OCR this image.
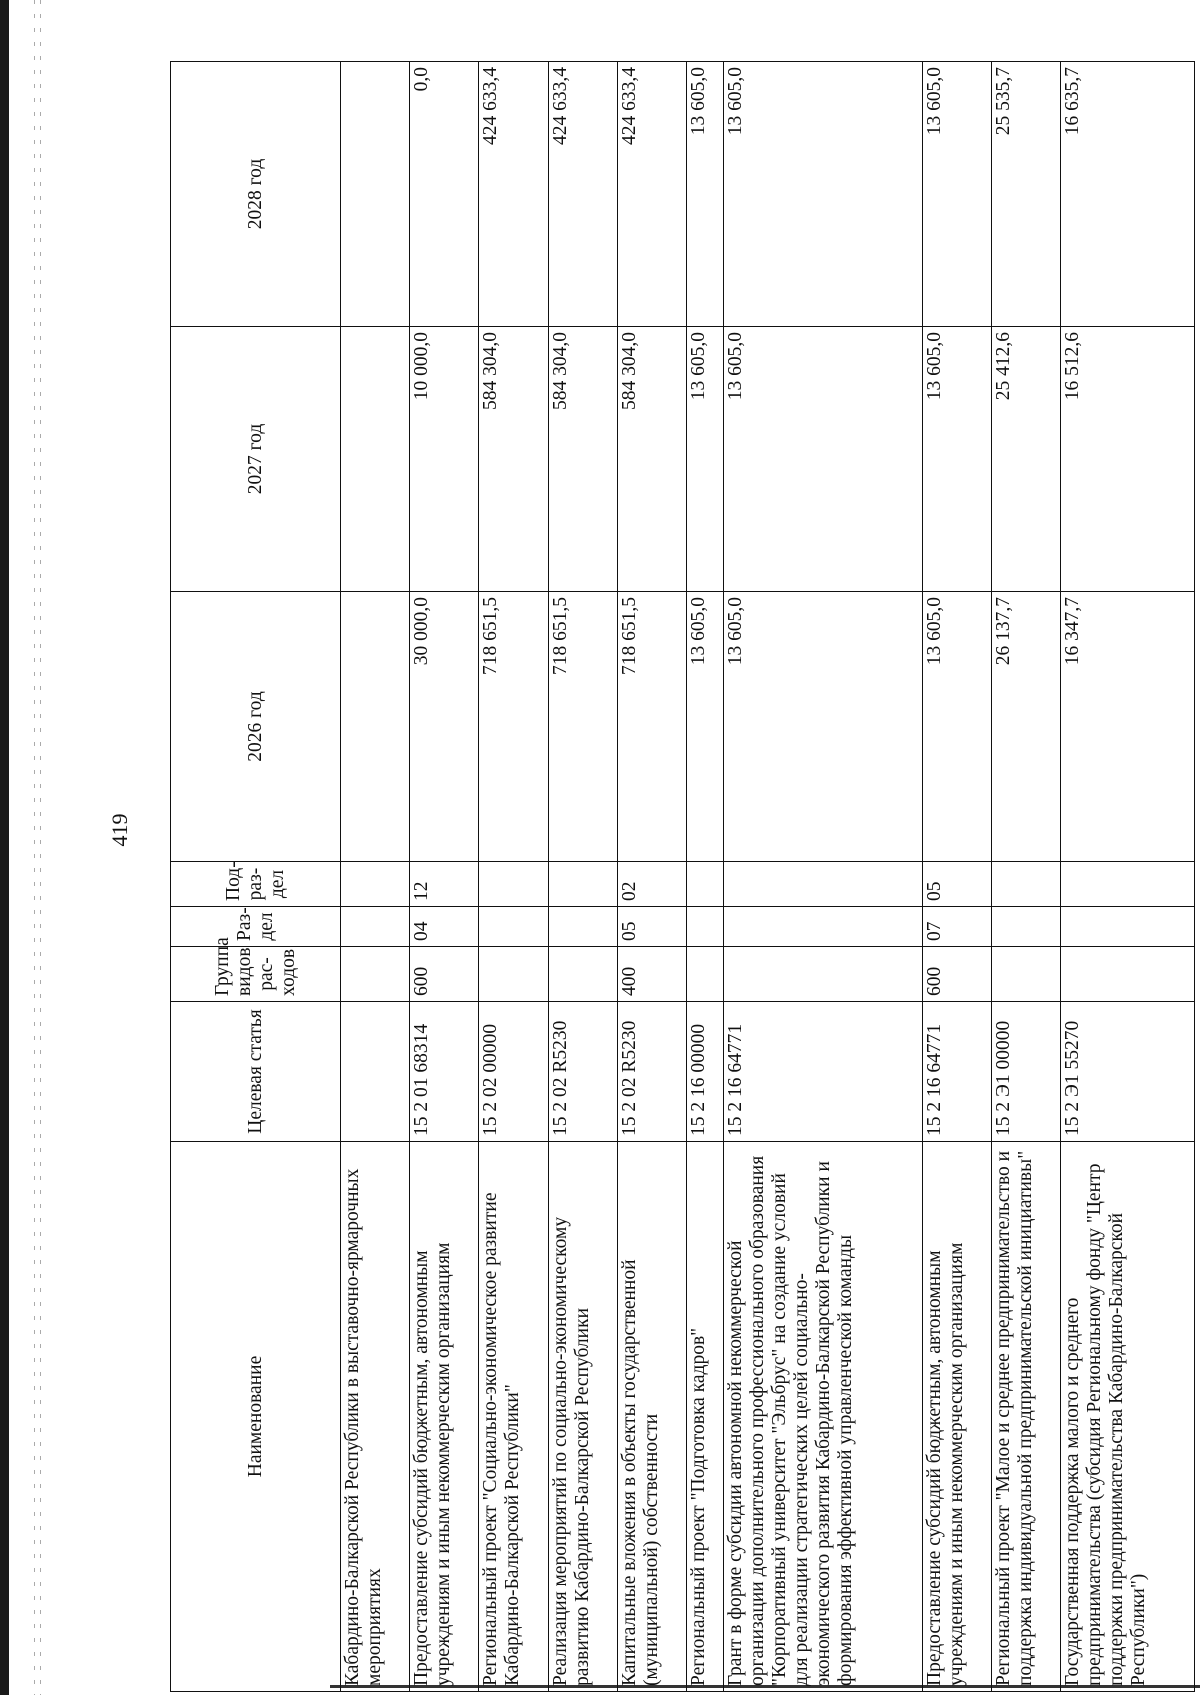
419
Наименование	Целевая статья	Группа видов рас-ходов	Раз-дел	Под-раз-дел	2026 год	2027 год	2028 год
Кабардино-Балкарской Республики в выставочно-ярмарочных мероприятиях							
Предоставление субсидий бюджетным, автономным учреждениям и иным некоммерческим организациям	15 2 01 68314	600	04	12	30 000,0	10 000,0	0,0
Региональный проект "Социально-экономическое развитие Кабардино-Балкарской Республики"	15 2 02 00000				718 651,5	584 304,0	424 633,4
Реализация мероприятий по социально-экономическому развитию Кабардино-Балкарской Республики	15 2 02 R5230				718 651,5	584 304,0	424 633,4
Капитальные вложения в объекты государственной (муниципальной) собственности	15 2 02 R5230	400	05	02	718 651,5	584 304,0	424 633,4
Региональный проект "Подготовка кадров"	15 2 16 00000				13 605,0	13 605,0	13 605,0
Грант в форме субсидии автономной некоммерческой организации дополнительного профессионального образования "Корпоративный университет "Эльбрус" на создание условий для реализации стратегических целей социально-экономического развития Кабардино-Балкарской Республики и формирования эффективной управленческой команды	15 2 16 64771				13 605,0	13 605,0	13 605,0
Предоставление субсидий бюджетным, автономным учреждениям и иным некоммерческим организациям	15 2 16 64771	600	07	05	13 605,0	13 605,0	13 605,0
Региональный проект "Малое и среднее предпринимательство и поддержка индивидуальной предпринимательской инициативы"	15 2 Э1 00000				26 137,7	25 412,6	25 535,7
Государственная поддержка малого и среднего предпринимательства (субсидия Региональному фонду "Центр поддержки предпринимательства Кабардино-Балкарской Республики")	15 2 Э1 55270				16 347,7	16 512,6	16 635,7
